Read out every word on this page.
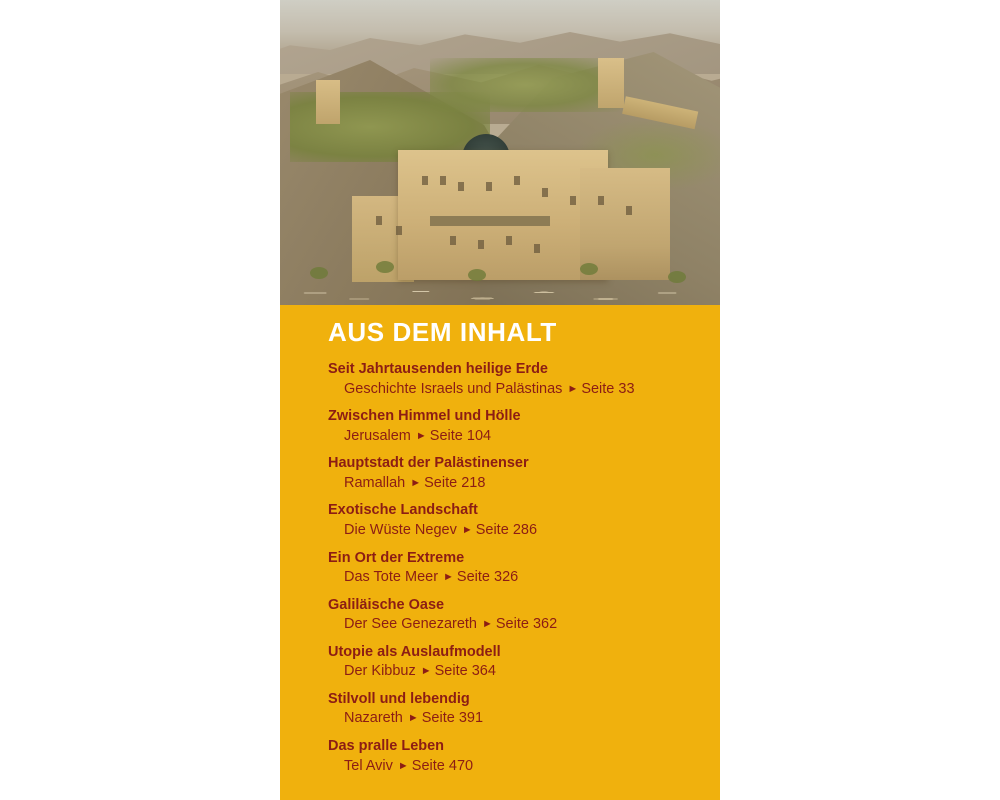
AUS DEM INHALT
Seit Jahrtausenden heilige Erde
Geschichte Israels und Palästinas ► Seite 33
Zwischen Himmel und Hölle
Jerusalem ► Seite 104
Hauptstadt der Palästinenser
Ramallah ► Seite 218
Exotische Landschaft
Die Wüste Negev ► Seite 286
Ein Ort der Extreme
Das Tote Meer ► Seite 326
Galiläische Oase
Der See Genezareth ► Seite 362
Utopie als Auslaufmodell
Der Kibbuz ► Seite 364
Stilvoll und lebendig
Nazareth ► Seite 391
Das pralle Leben
Tel Aviv ► Seite 470
